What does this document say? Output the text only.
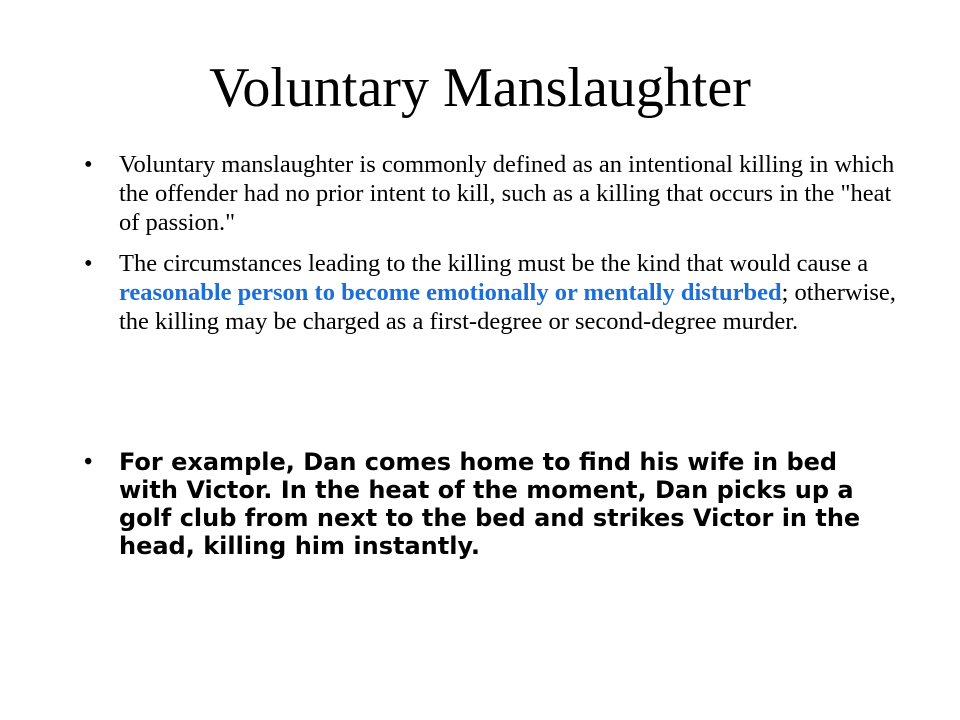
Voluntary Manslaughter
• Voluntary manslaughter is commonly defined as an intentional killing in which the offender had no prior intent to kill, such as a killing that occurs in the "heat of passion."
• The circumstances leading to the killing must be the kind that would cause a reasonable person to become emotionally or mentally disturbed; otherwise, the killing may be charged as a first-degree or second-degree murder.
• For example, Dan comes home to find his wife in bed with Victor. In the heat of the moment, Dan picks up a golf club from next to the bed and strikes Victor in the head, killing him instantly.
